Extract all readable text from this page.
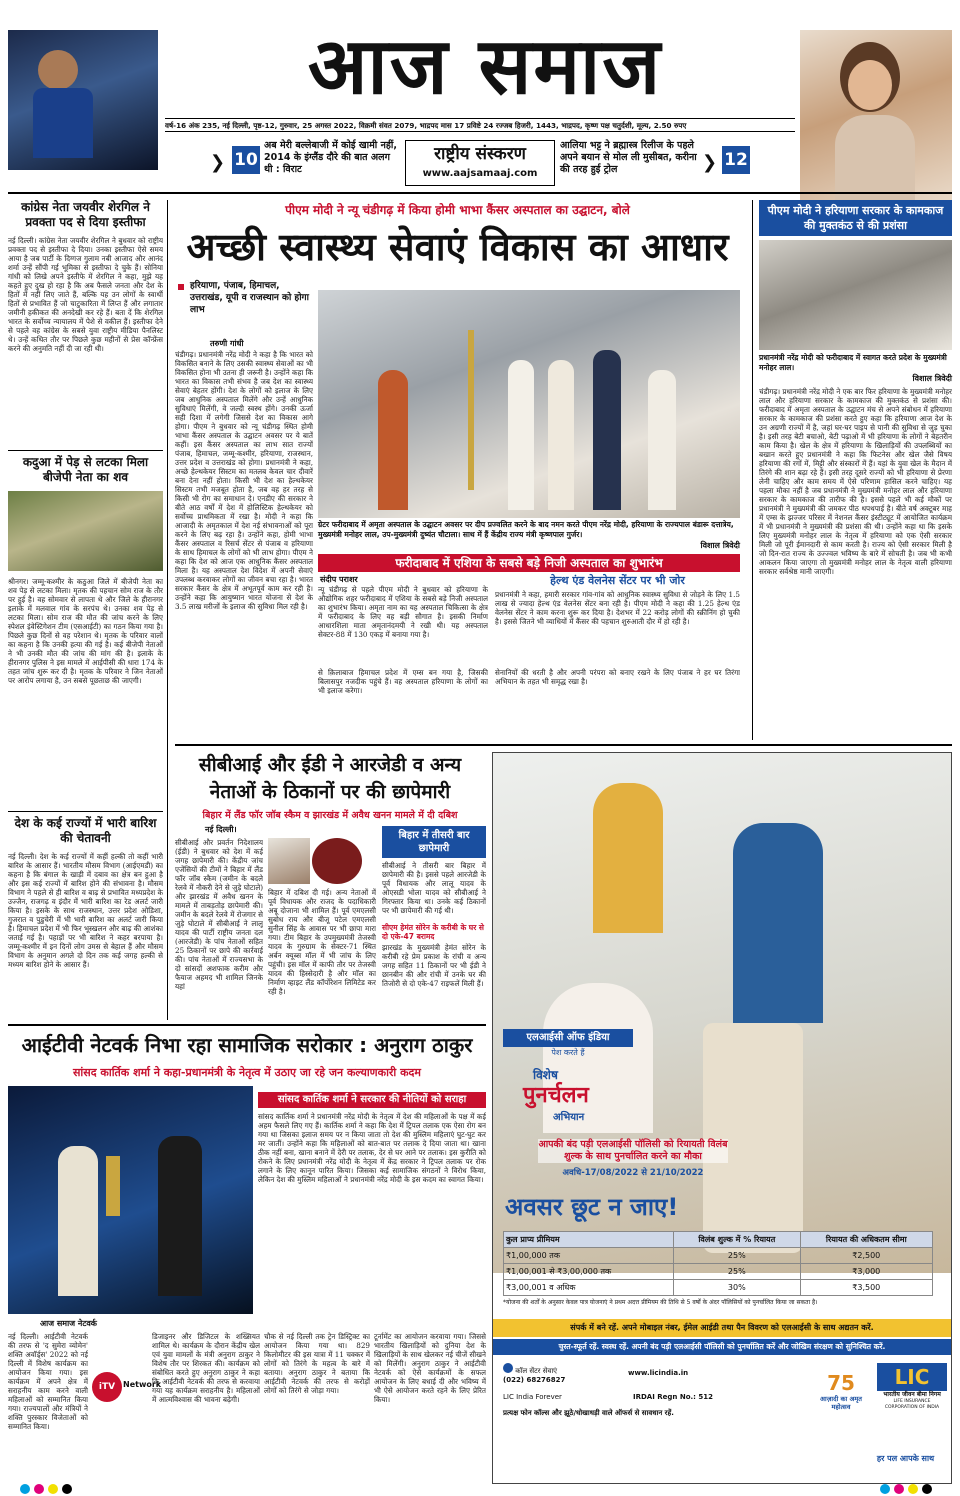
आज समाज
वर्ष-16 अंक 235, नई दिल्ली, पृष्ठ-12, गुरुवार, 25 अगस्त 2022, विक्रमी संवत 2079, भाद्रपद मास 17 प्रविष्टे 24 रज्जब हिजरी, 1443, भाद्रपद, कृष्ण पक्ष चतुर्दशी, मूल्य, 2.50 रुपए
❯ 10
अब मेरी बल्लेबाजी में कोई खामी नहीं, 2014 के इंग्लैंड दौरे की बात अलग थी : विराट
राष्ट्रीय संस्करण
www.aajsamaaj.com
आलिया भट्ट ने ब्रह्मास्त्र रिलीज के पहले अपने बयान से मोल ली मुसीबत, करीना की तरह हुई ट्रोल	❯ 12
कांग्रेस नेता जयवीर शेरगिल ने प्रवक्ता पद से दिया इस्तीफा
नई दिल्ली। कांग्रेस नेता जयवीर शेरगिल ने बुधवार को राष्ट्रीय प्रवक्ता पद से इस्तीफा दे दिया। उनका इस्तीफा ऐसे समय आया है जब पार्टी के दिग्गज गुलाम नबी आजाद और आनंद शर्मा उन्हें सौंपी गई भूमिका से इस्तीफा दे चुके हैं। सोनिया गांधी को लिखे अपने इस्तीफे में शेरगिल ने कहा, मुझे यह कहते हुए दुख हो रहा है कि अब फैसले जनता और देश के हितों में नहीं लिए जाते हैं, बल्कि यह उन लोगों के स्वार्थी हितों से प्रभावित हैं जो चाटुकारिता में लिप्त हैं और लगातार जमीनी हकीकत की अनदेखी कर रहे हैं। बता दें कि शेरगिल भारत के सर्वोच्च न्यायालय में पेशे से वकील हैं। इस्तीफा देने से पहले वह कांग्रेस के सबसे युवा राष्ट्रीय मीडिया पैनलिस्ट थे। उन्हें कथित तौर पर पिछले कुछ महीनों से प्रेस कॉन्फ्रेंस करने की अनुमति नहीं दी जा रही थी।
कदुआ में पेड़ से लटका मिला बीजेपी नेता का शव
श्रीनगर। जम्मू-कश्मीर के कठुआ जिले में बीजेपी नेता का शव पेड़ से लटका मिला। मृतक की पहचान सोम राज के तौर पर हुई है। वह सोमवार से लापता थे और जिले के हीरानगर इलाके में मलवाल गांव के सरपंच थे। उनका शव पेड़ से लटका मिला। सोम राज की मौत की जांच करने के लिए स्पेशल इंवेस्टिगेशन टीम (एसआईटी) का गठन किया गया है। पिछले कुछ दिनों से वह परेशान थे। मृतक के परिवार वालों का कहना है कि उनकी हत्या की गई है। कई बीजेपी नेताओं ने भी उनकी मौत की जांच की मांग की है। इलाके के हीरानगर पुलिस ने इस मामले में आईपीसी की धारा 174 के तहत जांच शुरू कर दी है। मृतक के परिवार ने जिन नेताओं पर आरोप लगाया है, उन सबसे पूछताछ की जाएगी।
देश के कई राज्यों में भारी बारिश की चेतावनी
नई दिल्ली। देश के कई राज्यों में कहीं हल्की तो कहीं भारी बारिश के आसार हैं। भारतीय मौसम विभाग (आईएमडी) का कहना है कि बंगाल के खाड़ी में दबाव का क्षेत्र बन हुआ है और इस कई राज्यों में बारिश होने की संभावना है। मौसम विभाग ने पहले से ही बारिश व बाढ़ से प्रभावित मध्यप्रदेश के उज्जैन, राजगढ़ व इंदौर में भारी बारिश का रेड अलर्ट जारी किया है। इसके के साथ राजस्थान, उत्तर प्रदेश ओडिशा, गुजरात व पुडुचेरी में भी भारी बारिश का अलर्ट जारी किया है। हिमाचल प्रदेश में भी फिर भूस्खलन और बाढ़ की आशंका जताई गई है। पहाड़ों पर भी बारिश ने कहर बरपाया है। जम्मू-कश्मीर में इन दिनों लोग उमस से बेहाल हैं और मौसम विभाग के अनुमान अगले दो दिन तक कई जगह हल्की से मध्यम बारिश होने के आसार हैं।
पीएम मोदी ने न्यू चंडीगढ़ में किया होमी भाभा कैंसर अस्पताल का उद्घाटन, बोले
अच्छी स्वास्थ्य सेवाएं विकास का आधार
हरियाणा, पंजाब, हिमाचल, उत्तराखंड, यूपी व राजस्थान को होगा लाभ
तरुणी गांधी
चंडीगढ़। प्रधानमंत्री नरेंद्र मोदी ने कहा है कि भारत को विकसित बनाने के लिए उसकी स्वास्थ्य सेवाओं का भी विकसित होना भी उतना ही जरूरी है। उन्होंने कहा कि भारत का विकास तभी संभव है जब देश का स्वास्थ्य सेवाएं बेहतर होंगी। देश के लोगों को इलाज के लिए जब आधुनिक अस्पताल मिलेंगे और उन्हें आधुनिक सुविधाएं मिलेंगी, वे जल्दी स्वस्थ होंगे। उनकी ऊर्जा सही दिशा में लगेगी जिससे देश का विकास आगे होगा। पीएम ने बुधवार को न्यू चंडीगढ़ स्थित होमी भाभा कैंसर अस्पताल के उद्घाटन अवसर पर ये बातें कहीं। इस कैंसर अस्पताल का लाभ सात राज्यों पंजाब, हिमाचल, जम्मू-कश्मीर, हरियाणा, राजस्थान, उत्तर प्रदेश व उत्तराखंड को होगा। प्रधानमंत्री ने कहा, अच्छे हेल्थकेयर सिस्टम का मतलब केवल चार दीवारें बना देना नहीं होता। किसी भी देश का हेल्थकेयर सिस्टम तभी मजबूत होता है, जब वह हर तरह से किसी भी रोग का समाधान दे। एनडीए की सरकार ने बीते आठ वर्षों में देश में होलिस्टिक हेल्थकेयर को सर्वोच्च प्राथमिकता में रखा है। मोदी ने कहा कि आजादी के अमृतकाल में देश नई संभावनाओं को पूरा करने के लिए बढ़ रहा है। उन्होंने कहा, होमी भाभा कैंसर अस्पताल व रिसर्च सेंटर से पंजाब व हरियाणा के साथ हिमाचल के लोगों को भी लाभ होगा। पीएम ने कहा कि देश को आज एक आधुनिक कैंसर अस्पताल मिला है। यह अस्पताल देश विदेश में अपनी सेवाएं उपलब्ध करवाकर लोगों का जीवन बचा रहा है। भारत सरकार कैंसर के क्षेत्र में अभूतपूर्व काम कर रही है। उन्होंने कहा कि आयुष्मान भारत योजना से देश के 3.5 लाख मरीजों के इलाज की सुविधा मिल रही है।
ग्रेटर फरीदाबाद में अमृता अस्पताल के उद्घाटन अवसर पर दीप प्रज्वलित करने के बाद नमन करते पीएम नरेंद्र मोदी, हरियाणा के राज्यपाल बंडारू दत्तात्रेय, मुख्यमंत्री मनोहर लाल, उप-मुख्यमंत्री दुष्यंत चौटाला। साथ में हैं केंद्रीय राज्य मंत्री कृष्णपाल गुर्जर।
विशाल त्रिवेदी
फरीदाबाद में एशिया के सबसे बड़े निजी अस्पताल का शुभारंभ
संदीप पराशर
न्यू चंडीगढ़ से पहले पीएम मोदी ने बुधवार को हरियाणा के औद्योगिक शहर फरीदाबाद में एशिया के सबसे बड़े निजी अस्पताल का शुभारंभ किया। अमृता नाम का यह अस्पताल चिकित्सा के क्षेत्र में फरीदाबाद के लिए वह बड़ी सौगात है। इसकी निर्माण आधारशिला माता अमृतानंदमयी ने रखी थी। यह अस्पताल सेक्टर-88 में 130 एकड़ में बनाया गया है।
हेल्थ एंड वेलनेस सेंटर पर भी जोर
प्रधानमंत्री ने कहा, हमारी सरकार गांव-गांव को आधुनिक स्वास्थ्य सुविधा से जोड़ने के लिए 1.5 लाख से ज्यादा हेल्थ एंड वेलनेस सेंटर बना रही है। पीएम मोदी ने कहा की 1.25 हेल्थ एंड वेलनेस सेंटर ने काम करना शुरू कर दिया है। देशभर में 22 करोड़ लोगों की स्क्रीनिंग हो चुकी है। इससे जितने भी व्याधियों में कैंसर की पहचान शुरुआती दौर में हो रही है।
से क़िलाबाज हिमाचल प्रदेश में एम्स बन गया है, जिसकी बिलासपुर नजदीक पहुंचे हैं। वह अस्पताल हरियाणा के लोगों का भी इलाज करेगा।
सेनानियों की धरती है और अपनी परंपरा को बनाए रखने के लिए पंजाब ने हर घर तिरंगा अभियान के तहत भी समृद्ध रखा है।
पीएम मोदी ने हरियाणा सरकार के कामकाज की मुक्तकंठ से की प्रशंसा
प्रधानमंत्री नरेंद्र मोदी को फरीदाबाद में स्वागत करते प्रदेश के मुख्यमंत्री मनोहर लाल।
विशाल त्रिवेदी
चंडीगढ़। प्रधानमंत्री नरेंद्र मोदी ने एक बार फिर हरियाणा के मुख्यमंत्री मनोहर लाल और हरियाणा सरकार के कामकाज की मुक्तकंठ से प्रशंसा की। फरीदाबाद में अमृता अस्पताल के उद्घाटन मंच से अपने संबोधन में हरियाणा सरकार के कामकाज की प्रशंसा करते हुए कहा कि हरियाणा आज देश के उन अग्रणी राज्यों में है, जहां घर-घर पाइप से पानी की सुविधा से जुड़ चुका है। इसी तरह बेटी बचाओ, बेटी पढ़ाओ में भी हरियाणा के लोगों ने बेहतरीन काम किया है। खेल के क्षेत्र में हरियाणा के खिलाड़ियों की उपलब्धियों का बखान करते हुए प्रधानमंत्री ने कहा कि फिटनेस और खेल जैसे विषय हरियाणा की रगों में, मिट्टी और संस्कारों में हैं। यहां के युवा खेल के मैदान में तिरंगे की शान बढ़ा रहे हैं। इसी तरह दूसरे राज्यों को भी हरियाणा से प्रेरणा लेनी चाहिए और काम समय में ऐसे परिणाम हासिल करने चाहिए। यह पहला मौका नहीं है जब प्रधानमंत्री ने मुख्यमंत्री मनोहर लाल और हरियाणा सरकार के कामकाज की तारीफ की है। इससे पहले भी कई मौकों पर प्रधानमंत्री ने मुख्यमंत्री की जमकर पीठ थपथपाई है। बीते वर्ष अक्टूबर माह में एम्स के झज्जर परिसर में नेशनल कैंसर इंस्टीट्यूट में आयोजित कार्यक्रम में भी प्रधानमंत्री ने मुख्यमंत्री की प्रशंसा की थी। उन्होंने कहा था कि इसके लिए मुख्यमंत्री मनोहर लाल के नेतृत्व में हरियाणा को एक ऐसी सरकार मिली जो पूरी ईमानदारी से काम करती है। राज्य को ऐसी सरकार मिली है जो दिन-रात राज्य के उज्ज्वल भविष्य के बारे में सोचती है। जब भी कभी आकलन किया जाएगा तो मुख्यमंत्री मनोहर लाल के नेतृत्व वाली हरियाणा सरकार सर्वश्रेष्ठ मानी जाएगी।
सीबीआई और ईडी ने आरजेडी व अन्य नेताओं के ठिकानों पर की छापेमारी
बिहार में लैंड फॉर जॉब स्कैम व झारखंड में अवैध खनन मामले में दी दबिश
नई दिल्ली।
सीबीआई और प्रवर्तन निदेशालय (ईडी) ने बुधवार को देश में कई जगह छापेमारी की। केंद्रीय जांच एजेंसियों की टीमों ने बिहार में लैंड फॉर जॉब स्कैम (जमीन के बदले रेलवे में नौकरी देने से जुड़े घोटाले) और झारखंड में अवैध खनन के मामले में ताबड़तोड़ छापेमारी की। जमीन के बदले रेलवे में रोजगार से जुड़े घोटाले में सीबीआई ने लालू यादव की पार्टी राष्ट्रीय जनता दल (आरजेडी) के पांच नेताओं सहित 25 ठिकानों पर छापे की कार्रवाई की। पांच नेताओं में राज्यसभा के दो सांसदों अशफाक करीम और फैयाज अहमद भी शामिल जिनके यहां
बिहार में दबिश दी गई। अन्य नेताओं में पूर्व विधायक और राजद के पदाधिकारी अबू दोजाना भी शामिल हैं। पूर्व एमएलसी सुबोध राय और बीजू पटेल एमएलसी सुनील सिंह के आवास पर भी छापा मारा गया। टीम बिहार के उपमुख्यमंत्री तेजस्वी यादव के गुरुग्राम के सेक्टर-71 स्थित अर्बन क्यूब्स मॉल में भी जांच के लिए पहुंची। इस मॉल में काफी तौर पर तेजस्वी यादव की हिस्सेदारी है और मॉल का निर्माण व्हाइट लैंड कॉर्पोरेशन लिमिटेड कर रही है।
बिहार में तीसरी बार छापेमारी
सीबीआई ने तीसरी बार बिहार में छापेमारी की है। इससे पहले आरजेडी के पूर्व विधायक और लालू यादव के ओएसडी भोला यादव को सीबीआई ने गिरफ्तार किया था। उनके कई ठिकानों पर भी छापेमारी की गई थी।
सीएम हेमंत सोरेन के करीबी के घर से दो एके-47 बरामद
झारखंड के मुख्यमंत्री हेमंत सोरेन के करीबी रहे प्रेम प्रकाश के रांची व अन्य जगह सहित 11 ठिकानों पर भी ईडी ने छानबीन की और रांची में उनके घर की तिजोरी से दो एके-47 राइफलें मिली हैं।
आईटीवी नेटवर्क निभा रहा सामाजिक सरोकार : अनुराग ठाकुर
सांसद कार्तिक शर्मा ने कहा-प्रधानमंत्री के नेतृत्व में उठाए जा रहे जन कल्याणकारी कदम
आज समाज नेटवर्क
सांसद कार्तिक शर्मा ने सरकार की नीतियों को सराहा
सांसद कार्तिक शर्मा ने प्रधानमंत्री नरेंद्र मोदी के नेतृत्व में देश की महिलाओं के पक्ष में कई अहम फैसले लिए गए हैं। कार्तिक शर्मा ने कहा कि देश में ट्रिपल तलाक एक ऐसा रोग बन गया था जिसका इलाज समय पर न किया जाता तो देश की मुस्लिम महिलाएं घुट-घुट कर मर जातीं। उन्होंने कहा कि महिलाओं को बात-बात पर तलाक दे दिया जाता था। खाना ठीक नहीं बना, खाना बनाने में देरी पर तलाक, देर से घर आने पर तलाक। इस कुरीति को रोकने के लिए प्रधानमंत्री नरेंद्र मोदी के नेतृत्व में केंद्र सरकार ने ट्रिपल तलाक पर रोक लगाने के लिए कानून पारित किया। जिसका कई सामाजिक संगठनों ने विरोध किया, लेकिन देश की मुस्लिम महिलाओं ने प्रधानमंत्री नरेंद्र मोदी के इस कदम का स्वागत किया।
नई दिल्ली। आईटीवी नेटवर्क की तरफ से 'द सुमेरा व्योमेन' शक्ति अवॉर्ड्स' 2022 को नई दिल्ली में विशेष कार्यक्रम का आयोजन किया गया। इस कार्यक्रम में अपने क्षेत्र में सराहनीय काम करने वाली महिलाओं को सम्मानित किया गया। राज्यपालों और मंत्रियों ने शक्ति पुरस्कार विजेताओं को सम्मानित किया।
iTV Network
डिजाइनर और डिजिटल के शख्सियत शामिल थे। कार्यक्रम के दौरान केंद्रीय खेल एवं युवा मामलों के मंत्री अनुराग ठाकुर ने विशेष तौर पर शिरकत की। कार्यक्रम को संबोधित करते हुए अनुराग ठाकुर ने कहा कि आईटीवी नेटवर्क की तरफ से करवाया गया यह कार्यक्रम सराहनीय है। महिलाओं में आत्मविश्वास की भावना बढ़ेगी।
चौक से नई दिल्ली तक ट्रेन डिस्ट्रिक्ट का आयोजन किया गया था। 829 किलोमीटर की इस यात्रा में 11 चक्कर में लोगों को तिरंगे के महत्व के बारे में बताया। अनुराग ठाकुर ने बताया कि आईटीवी नेटवर्क की तरफ से करोड़ों लोगों को तिरंगे से जोड़ा गया।
टूर्नामेंट का आयोजन करवाया गया। जिससे भारतीय खिलाड़ियों को दुनिया देश के खिलाड़ियों के साथ खेलकर नई चीजें सीखने को मिलेंगी। अनुराग ठाकुर ने आईटीवी नेटवर्क को ऐसे कार्यक्रमों के सफल आयोजन के लिए बधाई दी और भविष्य में भी ऐसे आयोजन करते रहने के लिए प्रेरित किया।
एलआईसी ऑफ इंडिया
पेश करते हैं
विशेष
पुनर्चलन
अभियान
आपकी बंद पड़ी एलआईसी पॉलिसी को रियायती विलंब शुल्क के साथ पुनर्चालित करने का मौका
अवधि-17/08/2022 से 21/10/2022
अवसर छूट न जाए!
कुल प्राप्य प्रीमियम	विलंब शुल्क में % रियायत	रियायत की अधिकतम सीमा
₹1,00,000 तक	25%	₹2,500
₹1,00,001 से ₹3,00,000 तक	25%	₹3,000
₹3,00,001 व अधिक	30%	₹3,500
*योजना की शर्तों के अनुसार केवल पात्र योजनाएं ने प्रथम अदत्त प्रीमियम की तिथि से 5 वर्षों के अंदर पॉलिसियों को पुनर्चालित किया जा सकता है।
संपर्क में बने रहें. अपने मोबाइल नंबर, ईमेल आईडी तथा पैन विवरण को एलआईसी के साथ अद्यतन करें.
चुस्त-स्फूर्त रहें. स्वस्थ रहें. अपनी बंद पड़ी एलआईसी पॉलिसी को पुनर्चालित करें और जोखिम संरक्षण को सुनिश्चित करें.
कॉल सेंटर सेवाएं
(022) 68276827
www.licindia.in
LIC India Forever	IRDAI Regn No.: 512
प्रत्यक्ष फोन कॉल्स और झूठे/धोखाधड़ी वाले ऑफर्स से सावधान रहें.
75
आज़ादी का अमृत महोत्सव
LIC
भारतीय जीवन बीमा निगम
LIFE INSURANCE CORPORATION OF INDIA
हर पल आपके साथ
